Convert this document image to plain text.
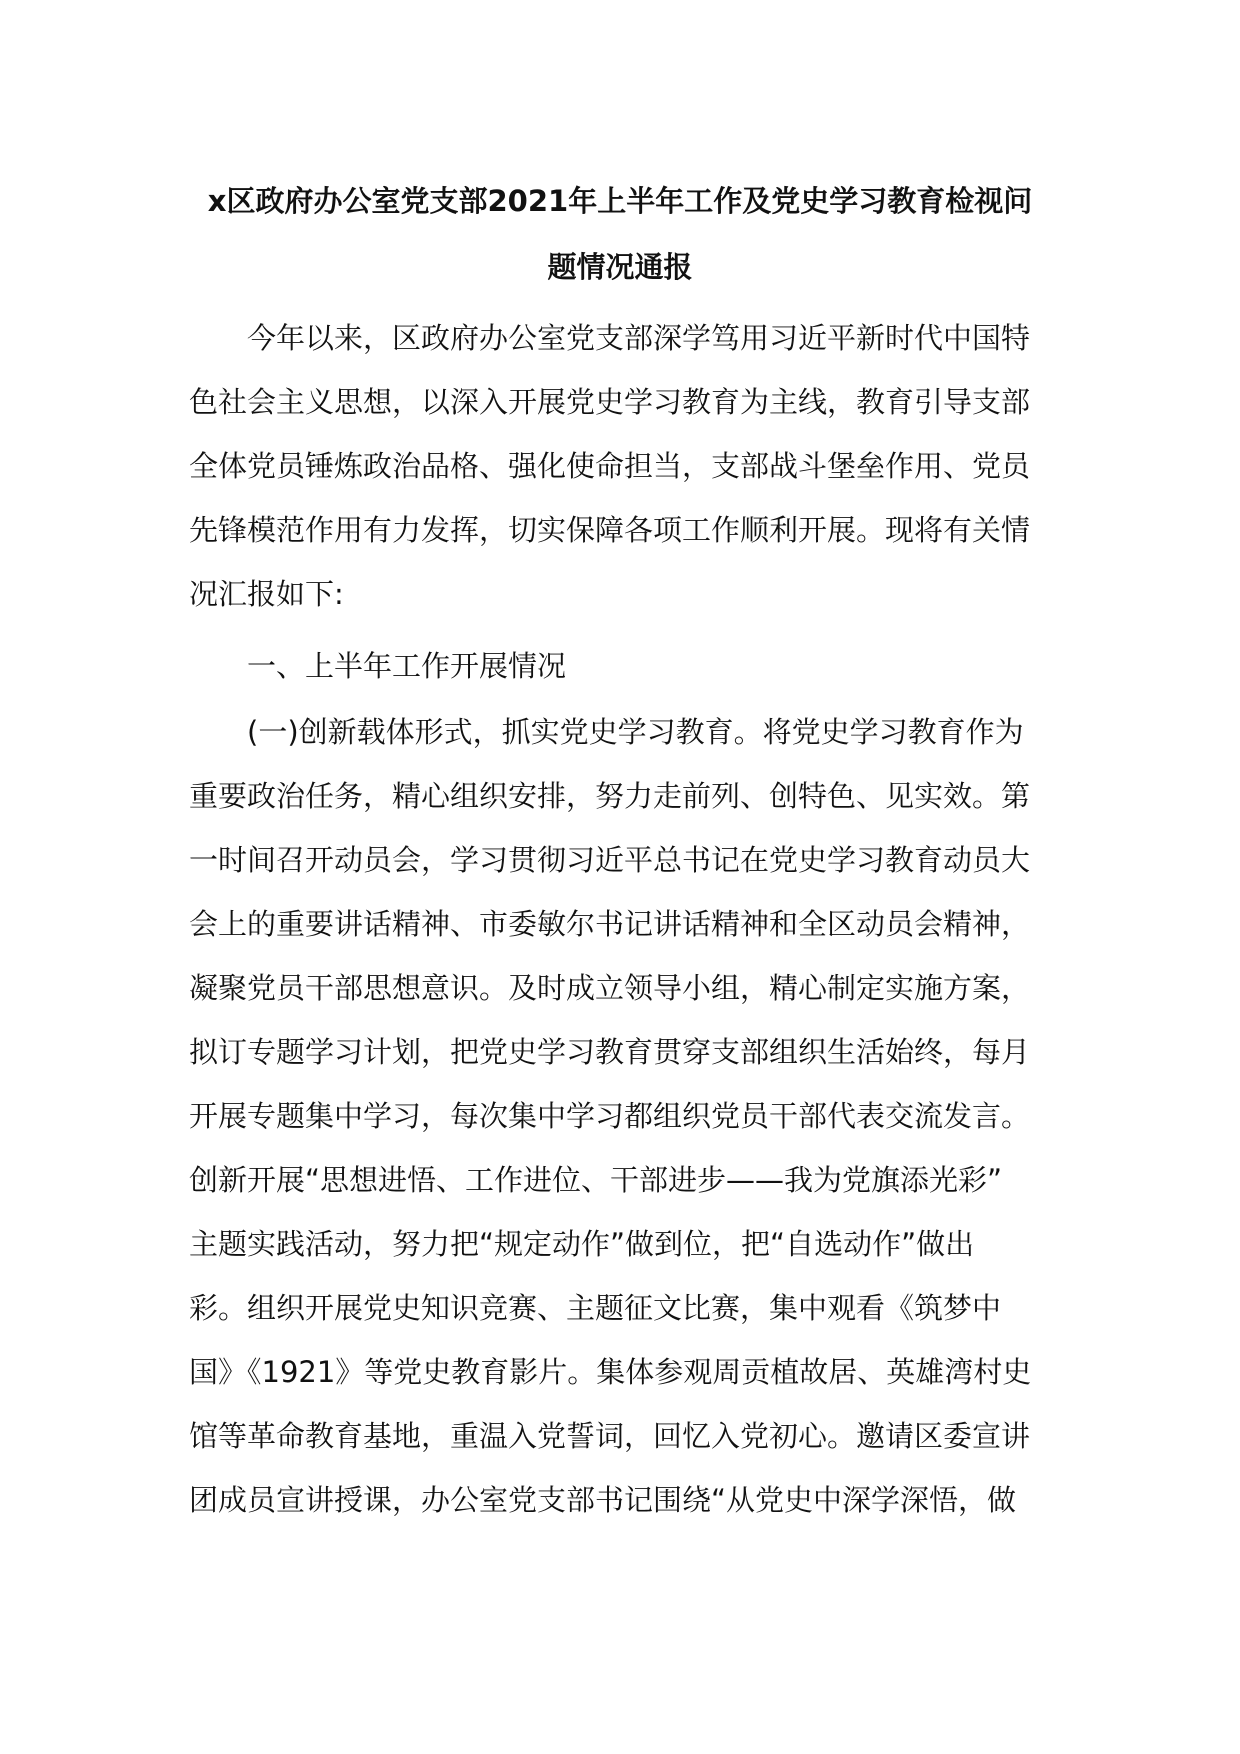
x区政府办公室党支部2021年上半年工作及党史学习教育检视问

题情况通报

今年以来，区政府办公室党支部深学笃用习近平新时代中国特

色社会主义思想，以深入开展党史学习教育为主线，教育引导支部

全体党员锤炼政治品格、强化使命担当，支部战斗堡垒作用、党员

先锋模范作用有力发挥，切实保障各项工作顺利开展。现将有关情

况汇报如下:

一、上半年工作开展情况

(一)创新载体形式，抓实党史学习教育。将党史学习教育作为

重要政治任务，精心组织安排，努力走前列、创特色、见实效。第

一时间召开动员会，学习贯彻习近平总书记在党史学习教育动员大

会上的重要讲话精神、市委敏尔书记讲话精神和全区动员会精神，

凝聚党员干部思想意识。及时成立领导小组，精心制定实施方案，

拟订专题学习计划，把党史学习教育贯穿支部组织生活始终，每月

开展专题集中学习，每次集中学习都组织党员干部代表交流发言。

创新开展“思想进悟、工作进位、干部进步——我为党旗添光彩”

主题实践活动，努力把“规定动作”做到位，把“自选动作”做出

彩。组织开展党史知识竞赛、主题征文比赛，集中观看《筑梦中

国》《1921》等党史教育影片。集体参观周贡植故居、英雄湾村史

馆等革命教育基地，重温入党誓词，回忆入党初心。邀请区委宣讲

团成员宣讲授课，办公室党支部书记围绕“从党史中深学深悟，做
